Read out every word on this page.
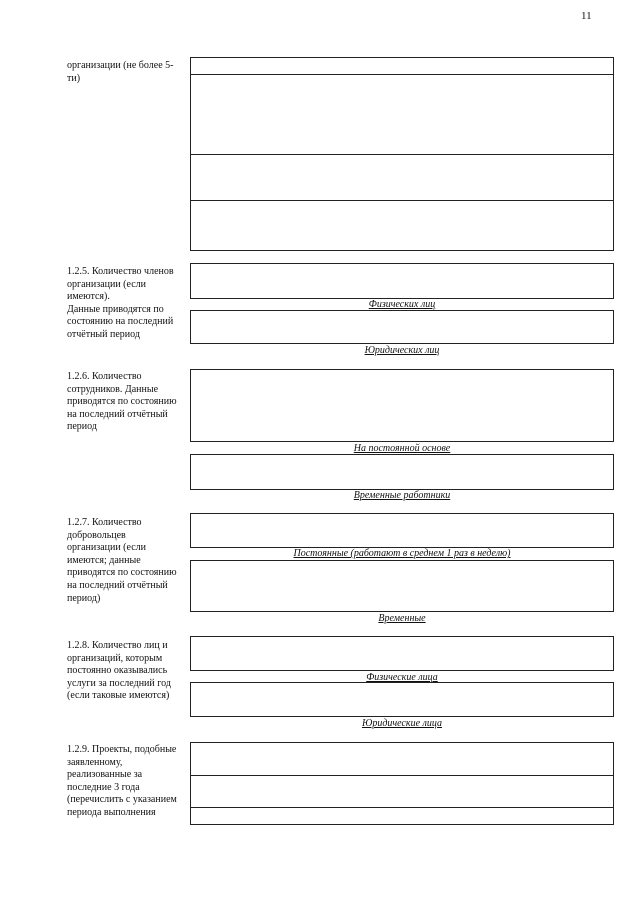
11
организации (не более 5-
ти)
1.2.5. Количество членов
организации (если
имеются).
Данные приводятся по
состоянию на последний
отчётный период
Физических лиц
Юридических лиц
1.2.6. Количество
сотрудников. Данные
приводятся по состоянию
на последний отчётный
период
На постоянной основе
Временные работники
1.2.7. Количество
добровольцев
организации (если
имеются; данные
приводятся по состоянию
на последний отчётный
период)
Постоянные (работают в среднем 1 раз в неделю)
Временные
1.2.8. Количество лиц и
организаций, которым
постоянно оказывались
услуги за последний год
(если таковые имеются)
Физические лица
Юридические лица
1.2.9. Проекты, подобные
заявленному,
реализованные за
последние 3 года
(перечислить с указанием
периода выполнения
